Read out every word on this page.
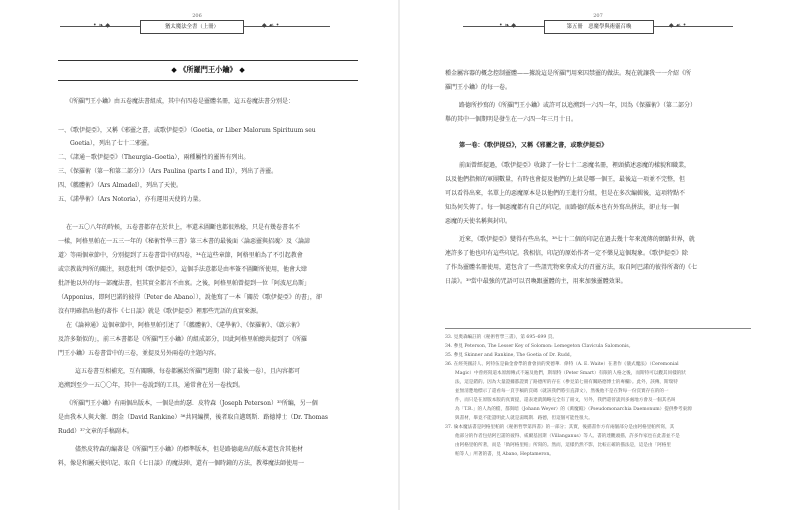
206
• ❧ ◆	◆ ☙ •
猶太魔法全書（上冊）
◆ 《所羅門王小鑰》 ◆
《所羅門王小鑰》由五卷魔法書組成，其中有四卷是靈體名冊，這五卷魔法書分別是：
一、《歌伊提亞》，又稱《邪靈之書，或歌伊提亞》（Goetia, or Liber Malorum Spirituum seu
Goetia），列出了七十二邪靈。
二、《諸通－歌伊提亞》（Theurgia–Goetia），兩種屬性的靈皆有列出。
三、《保羅術（第一和第二部分）》（Ars Paulina (parts I and II)），列出了善靈。
四、《艦體術》（Ars Almadel），列出了天使。
五、《諾學術》（Ars Notoria），亦有運用天使的力量。
在一五〇八年的時候，五卷書都存在於世上，率還未圖斷也都很熟稔，只是有幾卷書名不
一樣，阿格里帕在一五三一年的《秘術哲學三書》第三本書的最後面〈論惡靈與招魂〉及〈論諦
道〉等兩個章節中，分別提到了五卷書當中的四卷，³⁴在這些章節，阿格里帕為了不引起教會
或宗教裁判所的關注，刻意批判《歌伊提亞》，這個手法意都是由率簽不圖斷所使用，他會大肆
批評他以外的每一部魔法書，但其實全都言不由衷。之後，阿格里帕曾提到一位「阿波尼烏斯」
（Apponius，即阿巴諾的彼得〔Peter de Abano〕），說他寫了一本「關於《歌伊提亞》的書」，卻
沒有明確指出他的著作《七日談》就是《歌伊提亞》裡那些咒語的真實來源。
在《論神通》這個章節中，阿格里帕引述了「《艦體術》、《違學術》、《保羅術》、《啟示術》
及許多類似的」，前三本書都是《所羅門王小鑰》的組成部分，因此阿格里帕總共提到了《所羅
門王小鑰》五卷書當中的三卷，並提及另外兩卷的主題內容。
這五卷書互相補充，互有關聯，每卷都屬於所羅門週期（除了最後一卷），且內容都可
追溯到至少一五〇〇年，其中一卷說到的工具，通常會在另一卷找到。
《所羅門王小鑰》有兩個出版本，一個是由約瑟．皮特森（Joseph Peterson）³⁵所編，另一個
是由我本人與大衛．朗金（David Rankine）³⁶共同編撰，後者取自邁瑪斯．路德博士（Dr. Thomas
Rudd）³⁷文章的手稿副本。
儘然皮特森的編著是《所羅門王小鑰》的標準版本，但是路德處出的版本還包含其他材
料，像是和屬天使印記、取自《七日談》的魔法陣，還有一個時鐘的方法，教導魔法師使用一
207
• ❧ ◆	◆ ☙ •
第五冊　惡魔學與術靈召喚
種金屬容器的概念控制靈體——據說這是所羅門用來囚禁靈的做法。現在就讓我一一介紹《所
羅門王小鑰》的每一卷。
路德所抄寫的《所羅門王小鑰》或許可以追溯到一六四一年，因為《保羅術》（第二部分）
舉的其中一個期明是發生在一六四一年三月十日。
第一卷：《歌伊提亞》，又稱《邪靈之書，或歌伊提亞》
前面曾經提過，《歌伊提亞》收錄了一份七十二惡魔名冊，裡頭描述惡魔的樣貌和職業，
以及他們指揮的軍團數量，有時也會提及他們的上級是哪一個王，最後這一項並不完整，但
可以看得出來，名單上的惡魔原本是以他們的王進行分組，但是在多次編輯後，這項特點不
知為何失傳了。每一個惡魔都有自己的印記，而路德的版本也有外寫出拼法，卻止每一個
惡魔的天使名稱與封印。
近來，《歌伊提亞》變得有些出名，³⁸七十二個的印記在過去幾十年來流傳的網路世界，就
連許多了他也印有這些印記。我相信，印記的原始作者一定不樂見這個現象。《歌伊提亞》除
了作為靈體名冊使用，還包含了一些詛咒物來拿成大的召靈方法，取自阿巴諾的彼得所著的《七
日談》。³⁹當中最強的咒語可以召喚跟靈體的主，用來加強靈體效果。
33. 見奧森編註的《秘術哲學三書》，第 695–699 頁。
34. 參見 Peterson, The Lesser Key of Solomon: Lemegeton Clavicula Salomonis。
35. 參見 Skinner and Rankine, The Goetia of Dr. Rudd。
36. 在經英國詩人、阿特伍是倫金會學的會會員的愛德華．偉特（A. E. Waite）在著作《儀式魔法》（Ceremonial
Magic）中曾經寫道本原源傳式不遍及他們，斯瑞特（Peter Smart）有限的人格之後，而斯特可以觀其同樣的狀
法，這是錯的。因為大量證據都證實了路德所的存在（參見第七冊有關路德博士的專欄）。此外，該傳，斯瑞特
並無清楚地標示了還看每一頁手稿的頁碼（就該我們將引直譯文），然後他不是在對每一份頁實存在的的一
件，而只是在原版本版的真實提，還表達就簡略完全有了冊文，另外，我們還曾談到多處地方會及一個其名叫
為「T.R.」的人為的檔，都與暗（Johann Weyer）的《萬魔殿》（Pseudomonarchia Daemonum）提供參考東源
與書材，畢竟不能證明此人就是湯瑪斯．路德，但這個可能性很大。
37. 倫本魔法書是阿格里帕的《秘術哲學第四書》的一部分；其實，後描書作方有兩個部分是由阿格里帕所寫，其
他部分的作者包括阿巴諾的彼得、威爾基因斯（Villanganus）等人。書的達觀頭描，許多作家也在此書並不是
由阿格里帕所著，而是「偽阿格里帕」所寫的。然而，這樣仍然不影，比較正確的描法是，這是由「阿格里
帕等人」所著的書，見 Abano, Heptameron。
